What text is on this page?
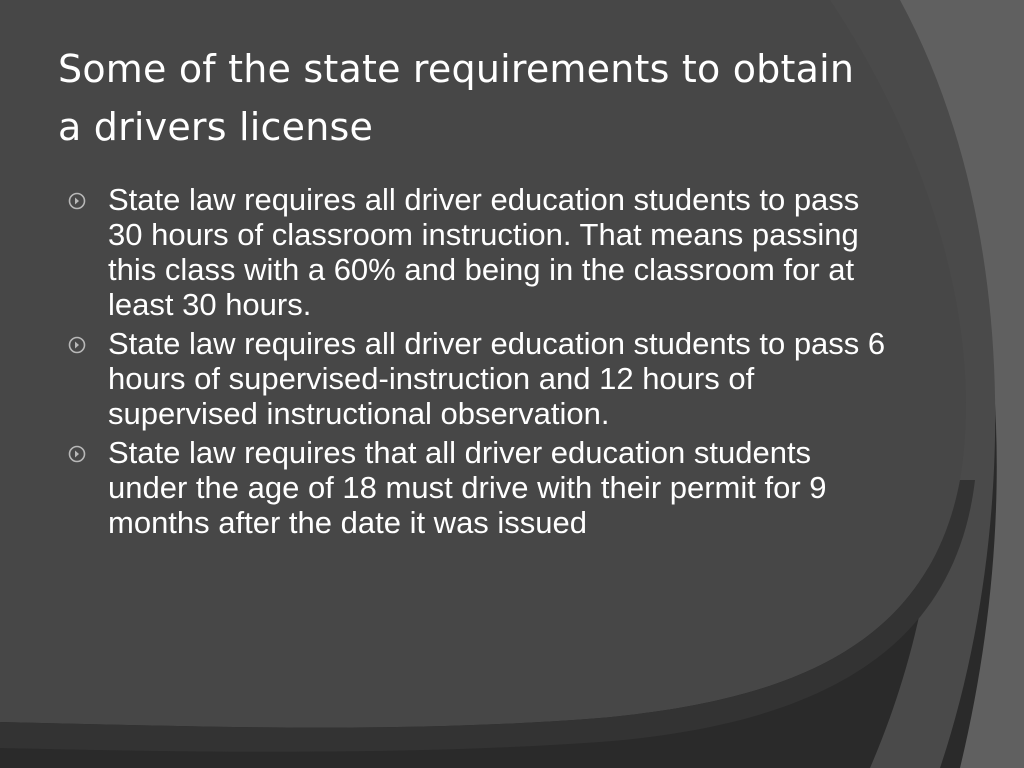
Some of the state requirements to obtain a drivers license
State law requires all driver education students to pass 30 hours of classroom instruction. That means passing this class with a 60% and being in the classroom for at least 30 hours.
State law requires all driver education students to pass 6 hours of supervised-instruction and 12 hours of supervised instructional observation.
State law requires that all driver education students under the age of 18 must drive with their permit for 9 months after the date it was issued
